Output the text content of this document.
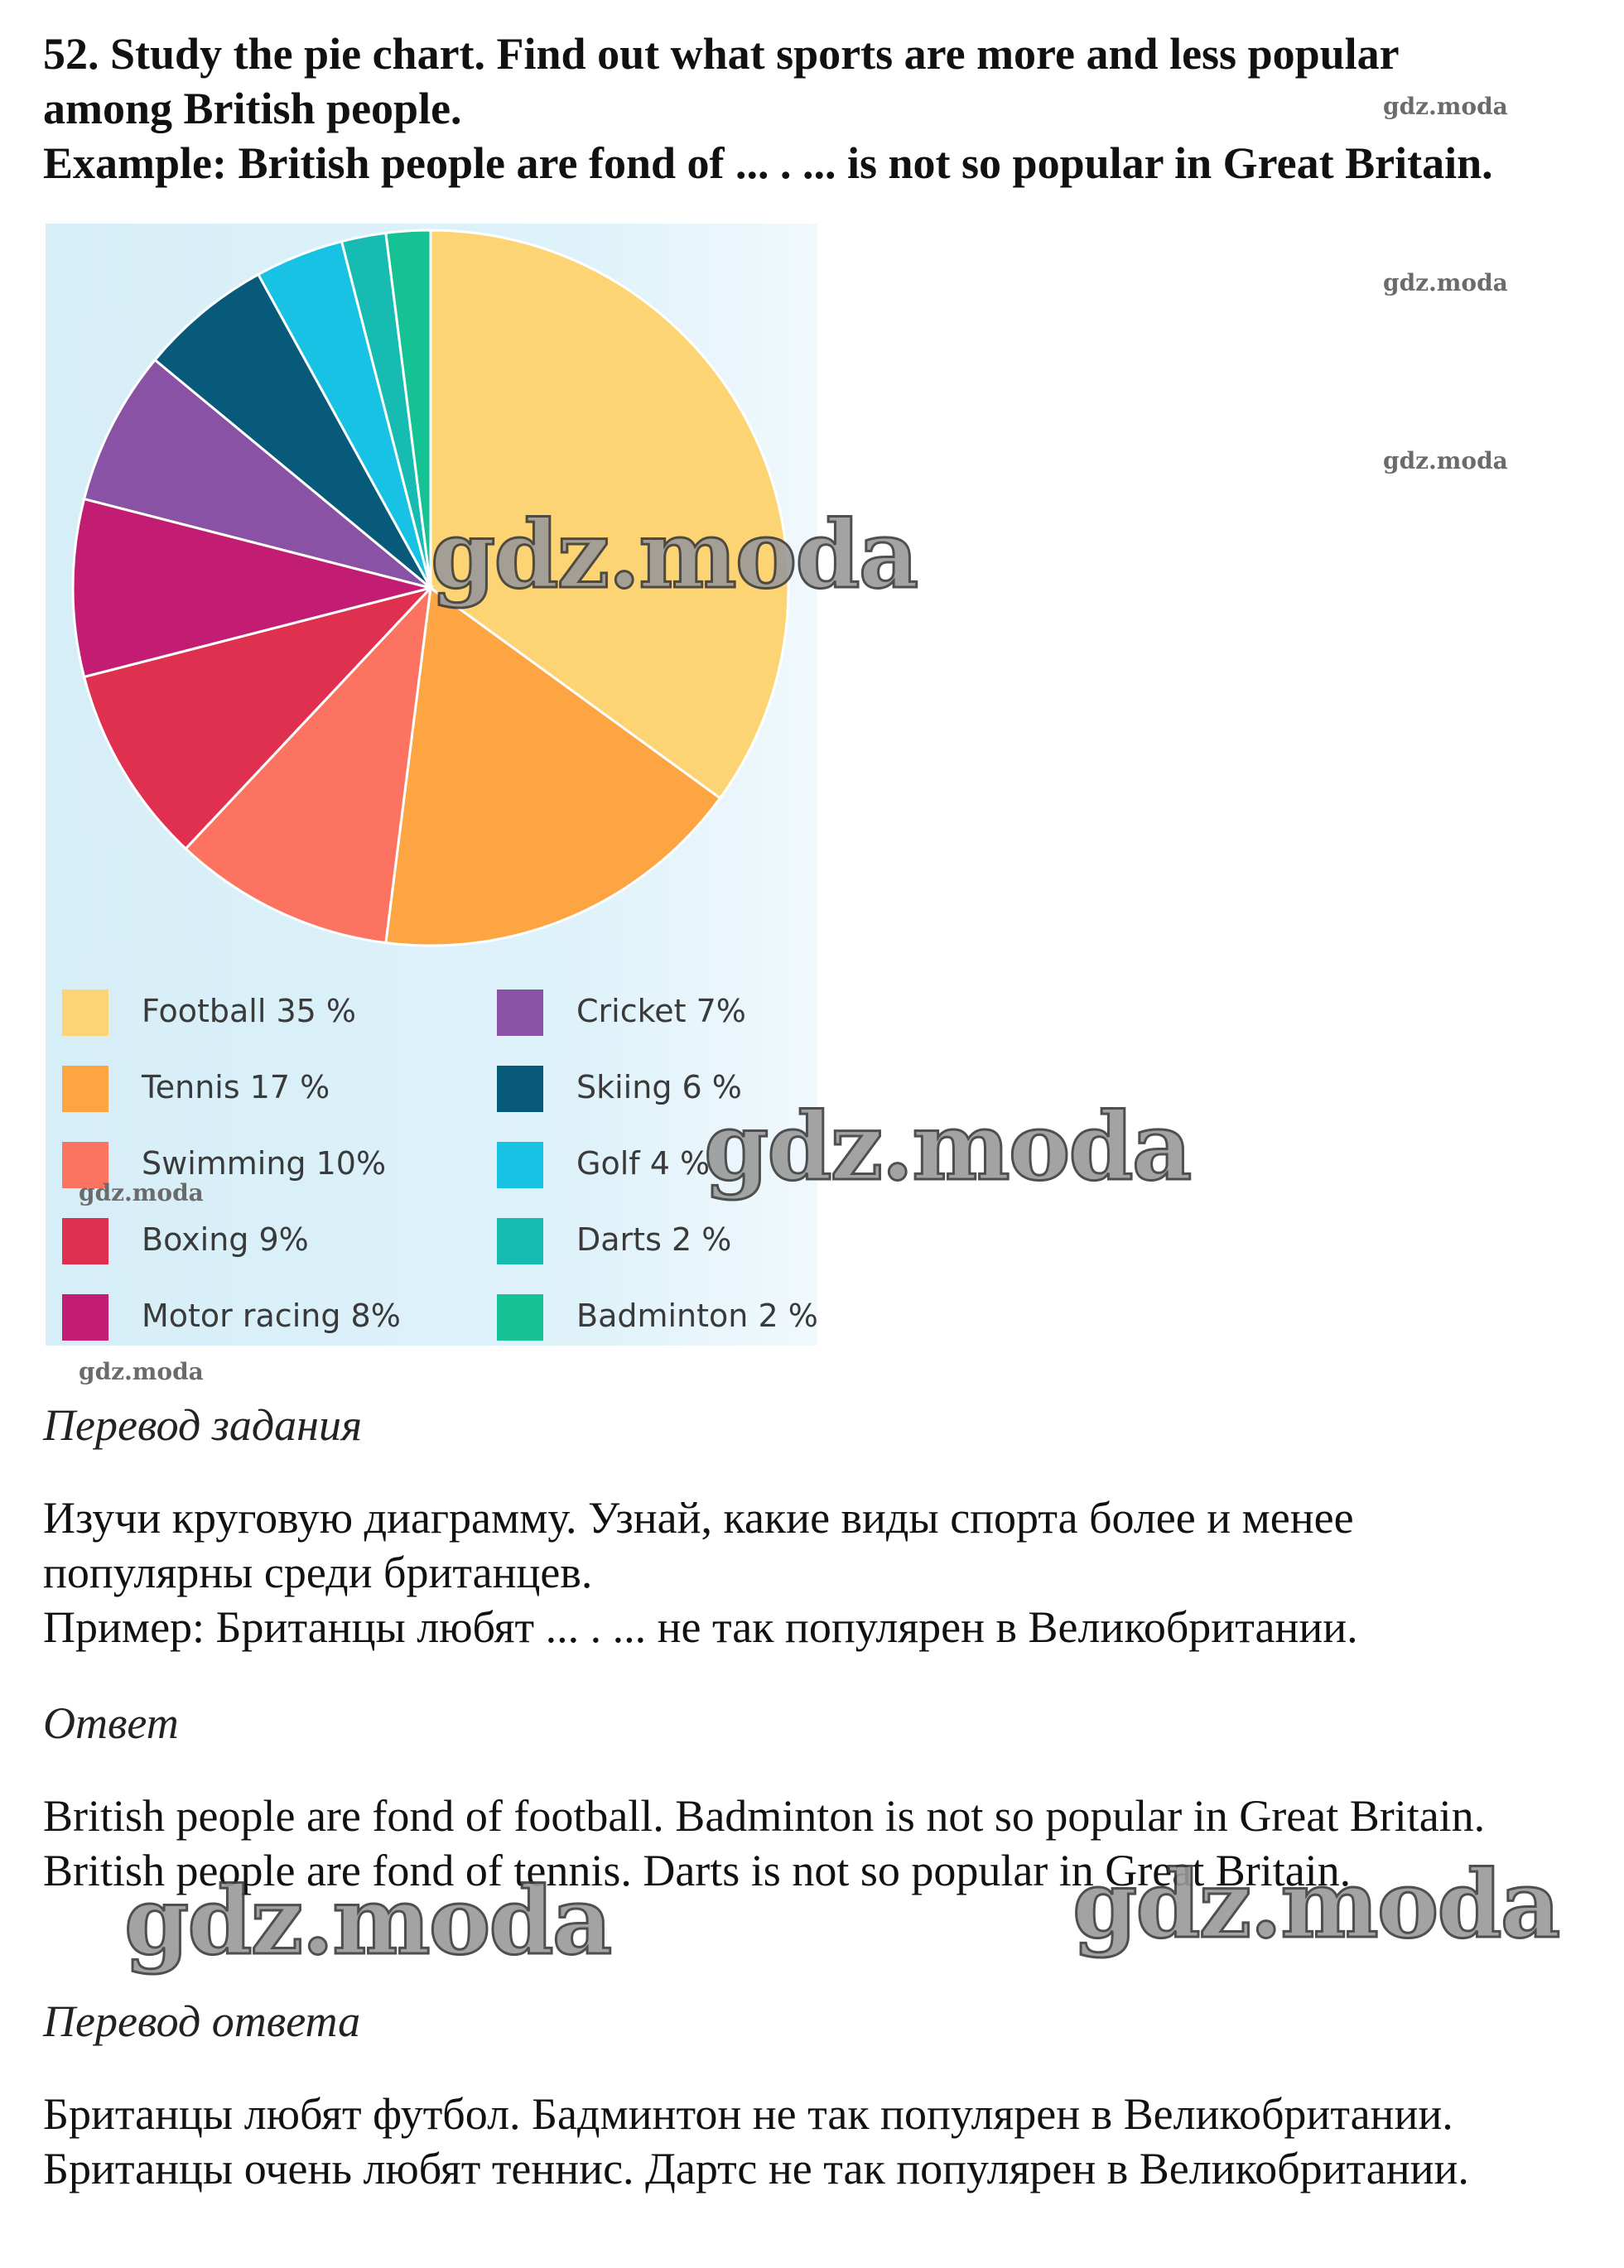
52. Study the pie chart. Find out what sports are more and less popular

among British people.

Example: British people are fond of ... . ... is not so popular in Great Britain.

Football 35 %
Tennis 17 %
Swimming 10%
Boxing 9%
Motor racing 8%
Cricket 7%
Skiing 6 %
Golf 4 %
Darts 2 %
Badminton 2 %
Перевод задания

Изучи круговую диаграмму. Узнай, какие виды спорта более и менее

популярны среди британцев.

Пример: Британцы любят ... . ... не так популярен в Великобритании.

Ответ

British people are fond of football. Badminton is not so popular in Great Britain.

British people are fond of tennis. Darts is not so popular in Great Britain.

Перевод ответа

Британцы любят футбол. Бадминтон не так популярен в Великобритании.

Британцы очень любят теннис. Дартс не так популярен в Великобритании.

gdz.moda
gdz.moda
gdz.moda
gdz.moda
gdz.moda
gdz.moda
gdz.moda
gdz.moda	gdz.moda
